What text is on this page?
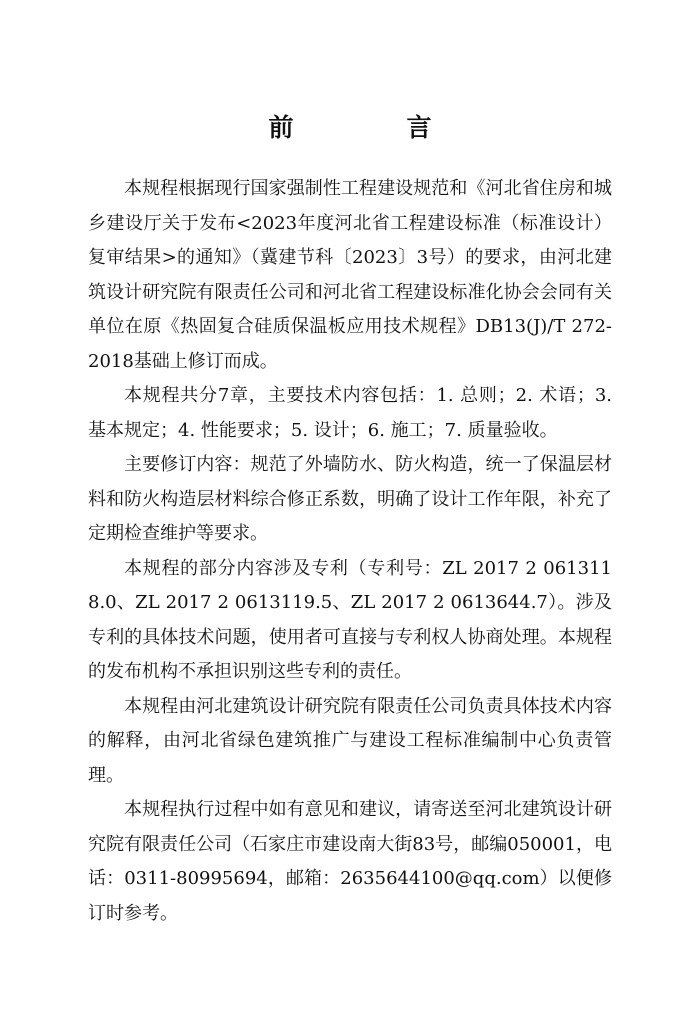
前　言

本规程根据现行国家强制性工程建设规范和《河北省住房和城乡建设厅关于发布<2023年度河北省工程建设标准（标准设计）复审结果>的通知》（冀建节科〔2023〕3号）的要求，由河北建筑设计研究院有限责任公司和河北省工程建设标准化协会会同有关单位在原《热固复合硅质保温板应用技术规程》DB13(J)/T 272-2018基础上修订而成。

本规程共分7章，主要技术内容包括：1. 总则；2. 术语；3. 基本规定；4. 性能要求；5. 设计；6. 施工；7. 质量验收。

主要修订内容：规范了外墙防水、防火构造，统一了保温层材料和防火构造层材料综合修正系数，明确了设计工作年限，补充了定期检查维护等要求。

本规程的部分内容涉及专利（专利号：ZL 2017 2 0613118.0、ZL 2017 2 0613119.5、ZL 2017 2 0613644.7）。涉及专利的具体技术问题，使用者可直接与专利权人协商处理。本规程的发布机构不承担识别这些专利的责任。

本规程由河北建筑设计研究院有限责任公司负责具体技术内容的解释，由河北省绿色建筑推广与建设工程标准编制中心负责管理。

本规程执行过程中如有意见和建议，请寄送至河北建筑设计研究院有限责任公司（石家庄市建设南大街83号，邮编050001，电话：0311-80995694，邮箱：2635644100@qq.com）以便修订时参考。
